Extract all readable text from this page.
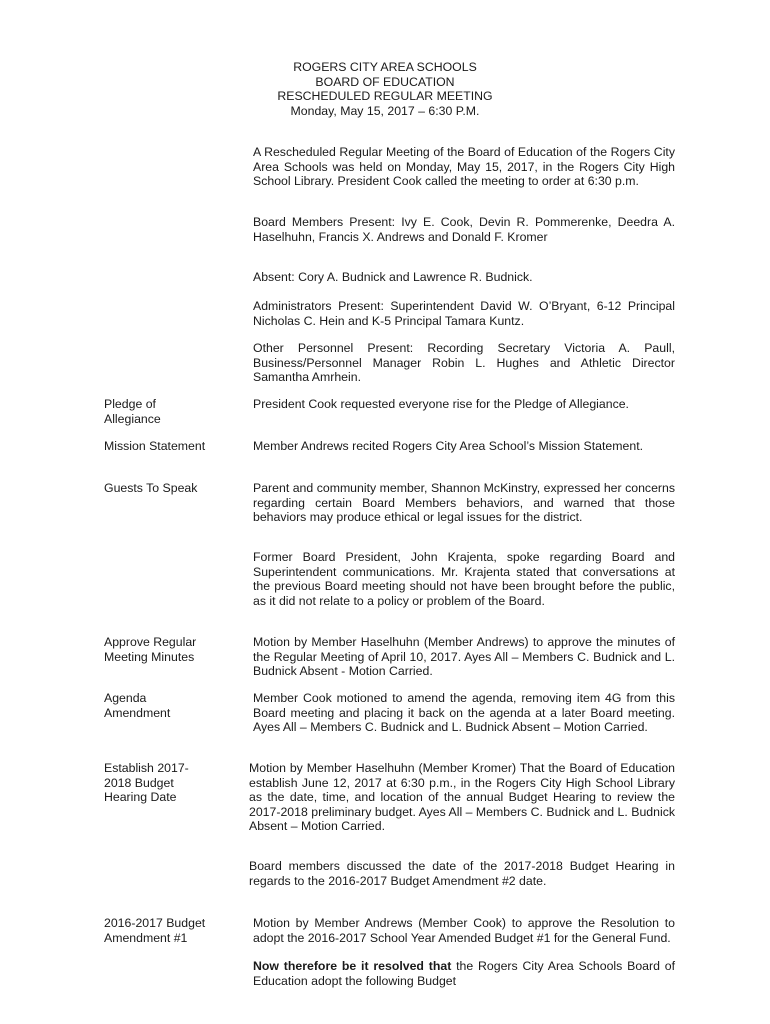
ROGERS CITY AREA SCHOOLS
BOARD OF EDUCATION
RESCHEDULED REGULAR MEETING
Monday, May 15, 2017 – 6:30 P.M.
A Rescheduled Regular Meeting of the Board of Education of the Rogers City Area Schools was held on Monday, May 15, 2017, in the Rogers City High School Library. President Cook called the meeting to order at 6:30 p.m.
Board Members Present: Ivy E. Cook, Devin R. Pommerenke, Deedra A. Haselhuhn, Francis X. Andrews and Donald F. Kromer
Absent: Cory A. Budnick and Lawrence R. Budnick.
Administrators Present: Superintendent David W. O’Bryant, 6-12 Principal Nicholas C. Hein and K-5 Principal Tamara Kuntz.
Other Personnel Present: Recording Secretary Victoria A. Paull, Business/Personnel Manager Robin L. Hughes and Athletic Director Samantha Amrhein.
Pledge of Allegiance
President Cook requested everyone rise for the Pledge of Allegiance.
Mission Statement	Member Andrews recited Rogers City Area School’s Mission Statement.
Guests To Speak	Parent and community member, Shannon McKinstry, expressed her concerns regarding certain Board Members behaviors, and warned that those behaviors may produce ethical or legal issues for the district.
Former Board President, John Krajenta, spoke regarding Board and Superintendent communications. Mr. Krajenta stated that conversations at the previous Board meeting should not have been brought before the public, as it did not relate to a policy or problem of the Board.
Approve Regular Meeting Minutes
Motion by Member Haselhuhn (Member Andrews) to approve the minutes of the Regular Meeting of April 10, 2017. Ayes All – Members C. Budnick and L. Budnick Absent - Motion Carried.
Agenda Amendment
Member Cook motioned to amend the agenda, removing item 4G from this Board meeting and placing it back on the agenda at a later Board meeting. Ayes All – Members C. Budnick and L. Budnick Absent – Motion Carried.
Establish 2017-2018 Budget Hearing Date
Motion by Member Haselhuhn (Member Kromer) That the Board of Education establish June 12, 2017 at 6:30 p.m., in the Rogers City High School Library as the date, time, and location of the annual Budget Hearing to review the 2017-2018 preliminary budget. Ayes All – Members C. Budnick and L. Budnick Absent – Motion Carried.
Board members discussed the date of the 2017-2018 Budget Hearing in regards to the 2016-2017 Budget Amendment #2 date.
2016-2017 Budget Amendment #1
Motion by Member Andrews (Member Cook) to approve the Resolution to adopt the 2016-2017 School Year Amended Budget #1 for the General Fund.
Now therefore be it resolved that the Rogers City Area Schools Board of Education adopt the following Budget
